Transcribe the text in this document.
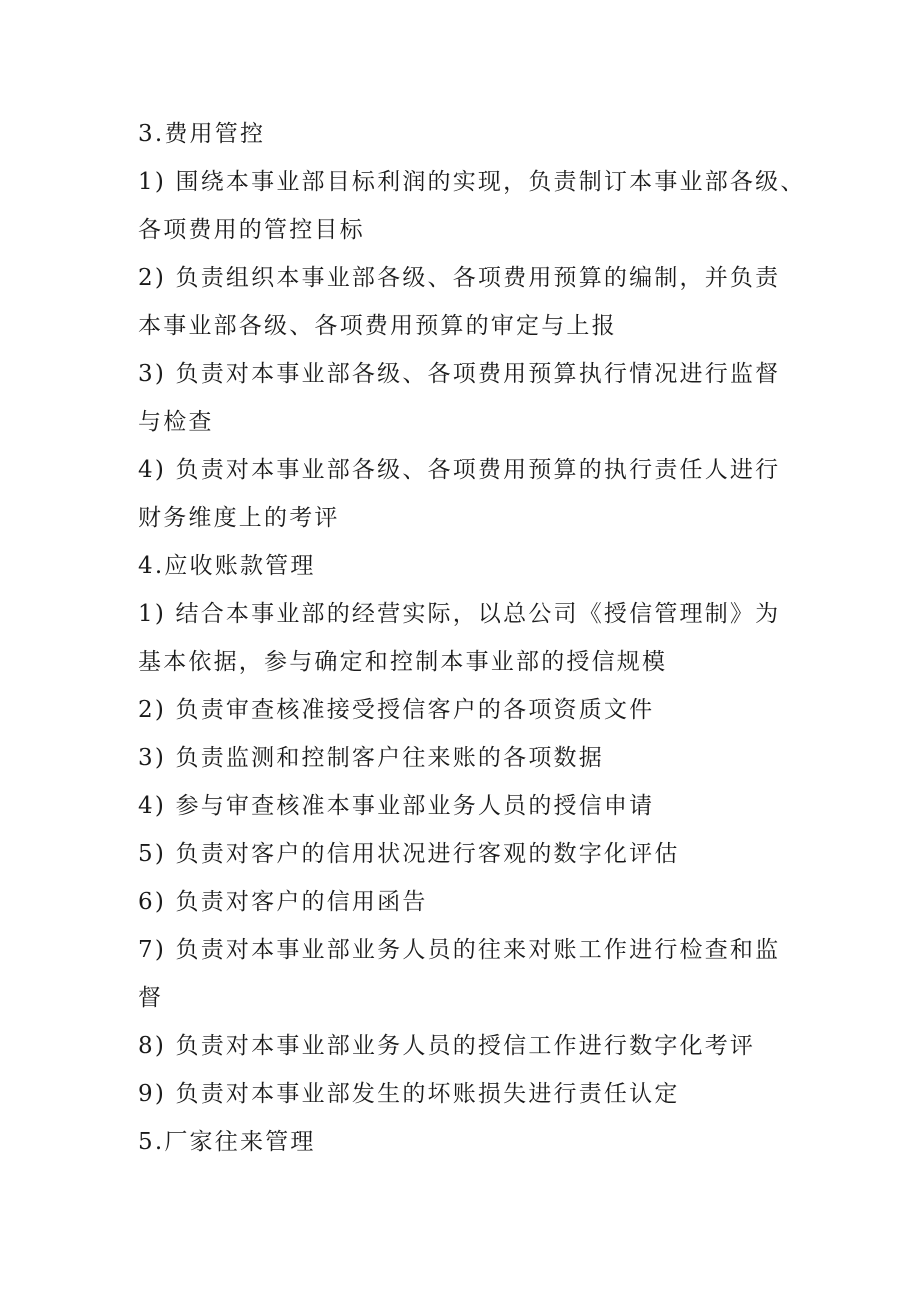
3.费用管控
1) 围绕本事业部目标利润的实现，负责制订本事业部各级、
各项费用的管控目标
2) 负责组织本事业部各级、各项费用预算的编制，并负责
本事业部各级、各项费用预算的审定与上报
3) 负责对本事业部各级、各项费用预算执行情况进行监督
与检查
4) 负责对本事业部各级、各项费用预算的执行责任人进行
财务维度上的考评
4.应收账款管理
1) 结合本事业部的经营实际，以总公司《授信管理制》为
基本依据，参与确定和控制本事业部的授信规模
2) 负责审查核准接受授信客户的各项资质文件
3) 负责监测和控制客户往来账的各项数据
4) 参与审查核准本事业部业务人员的授信申请
5) 负责对客户的信用状况进行客观的数字化评估
6) 负责对客户的信用函告
7) 负责对本事业部业务人员的往来对账工作进行检查和监
督
8) 负责对本事业部业务人员的授信工作进行数字化考评
9) 负责对本事业部发生的坏账损失进行责任认定
5.厂家往来管理
